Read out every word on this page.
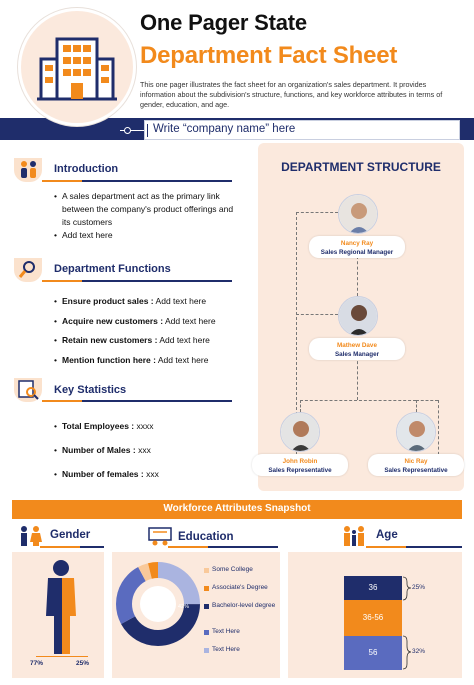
One Pager State
Department Fact Sheet
This one pager illustrates the fact sheet for an organization's sales department. It provides information about the subdivision's structure, functions, and key workforce attributes in terms of gender, education, and age.
Write “company name” here
Introduction
• A sales department act as the primary link between the company's product offerings and its customers
• Add text here
Department Functions
• Ensure product sales : Add text here
• Acquire new customers : Add text here
• Retain new customers : Add text here
• Mention function here : Add text here
Key Statistics
• Total Employees : xxxx
• Number of Males : xxx
• Number of females : xxx
DEPARTMENT STRUCTURE
Nancy Ray
Sales Regional Manager
Mathew Dave
Sales Manager
John Robin
Sales Representative
Nic Ray
Sales Representative
Workforce Attributes Snapshot
Gender
77%	25%
Education
25%
42%
25%
Some College
Associate's Degree
Bachelor-level degree
Text Here
Text Here
Age
36
36-56
56
25%
32%
